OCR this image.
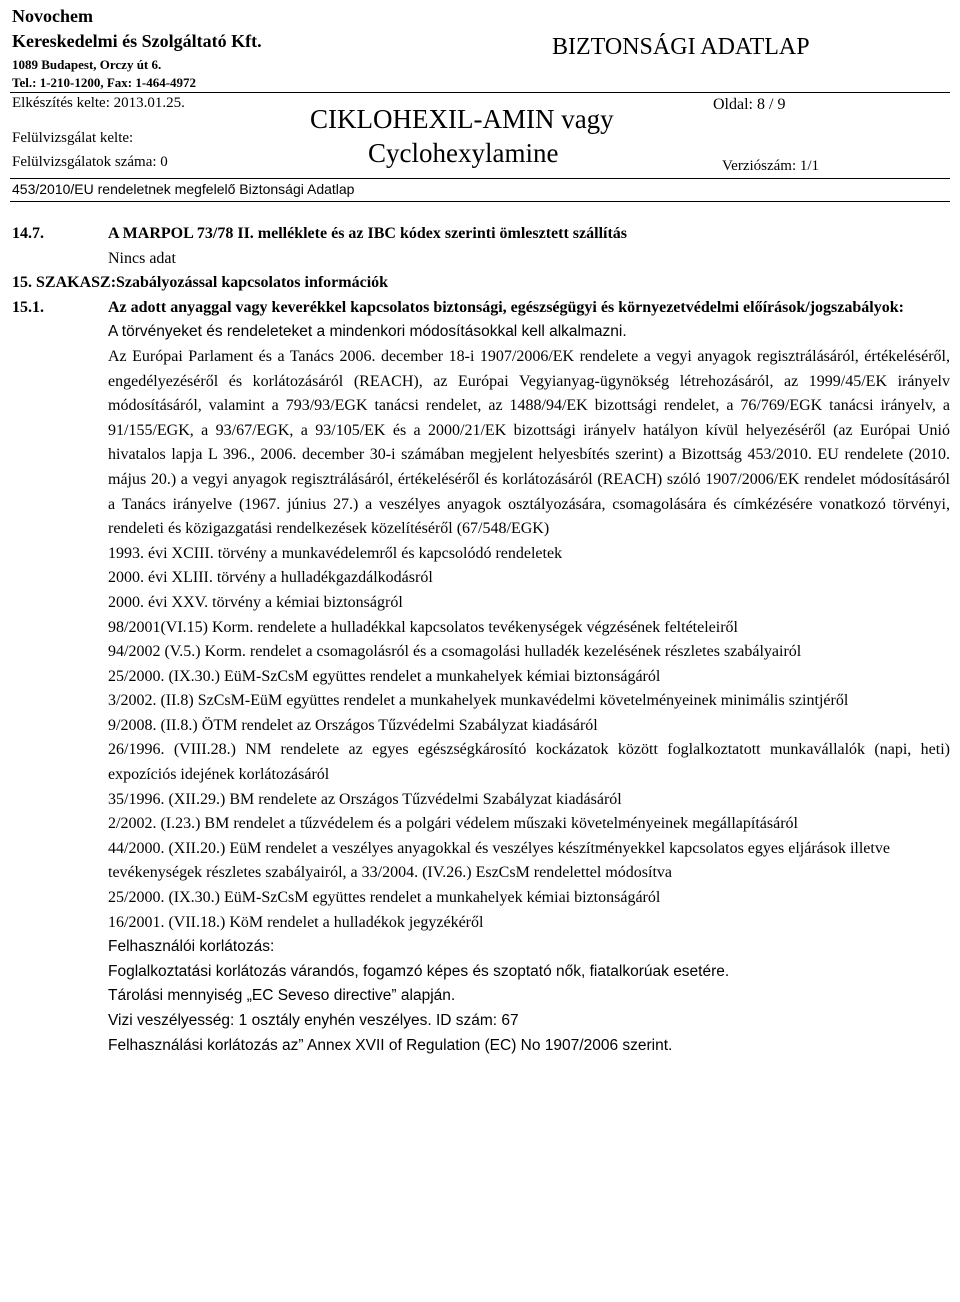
Novochem
Kereskedelmi és Szolgáltató Kft.
1089 Budapest, Orczy út 6.
Tel.: 1-210-1200, Fax: 1-464-4972
BIZTONSÁGI ADATLAP
Elkészítés kelte: 2013.01.25.
Felülvizsgálat kelte:
Felülvizsgálatok száma: 0
CIKLOHEXIL-AMIN vagy
Cyclohexylamine
Oldal: 8 / 9
Verziószám: 1/1
453/2010/EU rendeletnek megfelelő Biztonsági Adatlap
14.7.	A MARPOL 73/78 II. melléklete és az IBC kódex szerinti ömlesztett szállítás
Nincs adat
15. SZAKASZ:Szabályozással kapcsolatos információk
15.1.	Az adott anyaggal vagy keverékkel kapcsolatos biztonsági, egészségügyi és környezetvédelmi előírások/jogszabályok:
A törvényeket és rendeleteket a mindenkori módosításokkal kell alkalmazni.
Az Európai Parlament és a Tanács 2006. december 18-i 1907/2006/EK rendelete a vegyi anyagok regisztrálásáról, értékeléséről, engedélyezéséről és korlátozásáról (REACH), az Európai Vegyianyag-ügynökség létrehozásáról, az 1999/45/EK irányelv módosításáról, valamint a 793/93/EGK tanácsi rendelet, az 1488/94/EK bizottsági rendelet, a 76/769/EGK tanácsi irányelv, a 91/155/EGK, a 93/67/EGK, a 93/105/EK és a 2000/21/EK bizottsági irányelv hatályon kívül helyezéséről (az Európai Unió hivatalos lapja L 396., 2006. december 30-i számában megjelent helyesbítés szerint) a Bizottság 453/2010. EU rendelete (2010. május 20.) a vegyi anyagok regisztrálásáról, értékeléséről és korlátozásáról (REACH) szóló 1907/2006/EK rendelet módosításáról a Tanács irányelve (1967. június 27.) a veszélyes anyagok osztályozására, csomagolására és címkézésére vonatkozó törvényi, rendeleti és közigazgatási rendelkezések közelítéséről (67/548/EGK)
1993. évi XCIII. törvény a munkavédelemről és kapcsolódó rendeletek
2000. évi XLIII. törvény a hulladékgazdálkodásról
2000. évi XXV. törvény a kémiai biztonságról
98/2001(VI.15) Korm. rendelete a hulladékkal kapcsolatos tevékenységek végzésének feltételeiről
94/2002 (V.5.) Korm. rendelet a csomagolásról és a csomagolási hulladék kezelésének részletes szabályairól
25/2000. (IX.30.) EüM-SzCsM együttes rendelet a munkahelyek kémiai biztonságáról
3/2002. (II.8) SzCsM-EüM együttes rendelet a munkahelyek munkavédelmi követelményeinek minimális szintjéről
9/2008. (II.8.) ÖTM rendelet az Országos Tűzvédelmi Szabályzat kiadásáról
26/1996. (VIII.28.) NM rendelete az egyes egészségkárosító kockázatok között foglalkoztatott munkavállalók (napi, heti) expozíciós idejének korlátozásáról
35/1996. (XII.29.) BM rendelete az Országos Tűzvédelmi Szabályzat kiadásáról
2/2002. (I.23.) BM rendelet a tűzvédelem és a polgári védelem műszaki követelményeinek megállapításáról
44/2000. (XII.20.) EüM rendelet a veszélyes anyagokkal és veszélyes készítményekkel kapcsolatos egyes eljárások illetve tevékenységek részletes szabályairól, a 33/2004. (IV.26.) EszCsM rendelettel módosítva
25/2000. (IX.30.) EüM-SzCsM együttes rendelet a munkahelyek kémiai biztonságáról
16/2001. (VII.18.) KöM rendelet a hulladékok jegyzékéről
Felhasználói korlátozás:
Foglalkoztatási korlátozás várandós, fogamzó képes és szoptató nők, fiatalkorúak esetére.
Tárolási mennyiség „EC Seveso directive” alapján.
Vizi veszélyesség: 1 osztály enyhén veszélyes. ID szám: 67
Felhasználási korlátozás az” Annex XVII of Regulation (EC) No 1907/2006 szerint.
